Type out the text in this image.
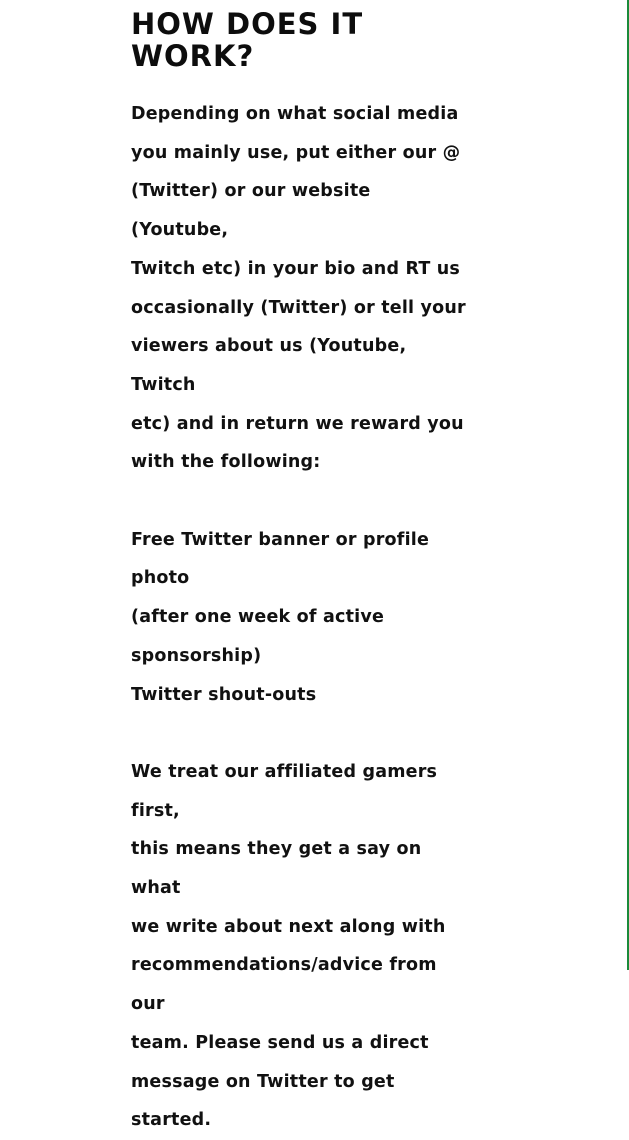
HOW DOES IT
WORK?

Depending on what social media
you mainly use, put either our @
(Twitter) or our website (Youtube,
Twitch etc) in your bio and RT us
occasionally (Twitter) or tell your
viewers about us (Youtube, Twitch
etc) and in return we reward you
with the following:

Free Twitter banner or profile photo
(after one week of active
sponsorship)
Twitter shout-outs

We treat our affiliated gamers first,
this means they get a say on what
we write about next along with
recommendations/advice from our
team. Please send us a direct
message on Twitter to get started.
